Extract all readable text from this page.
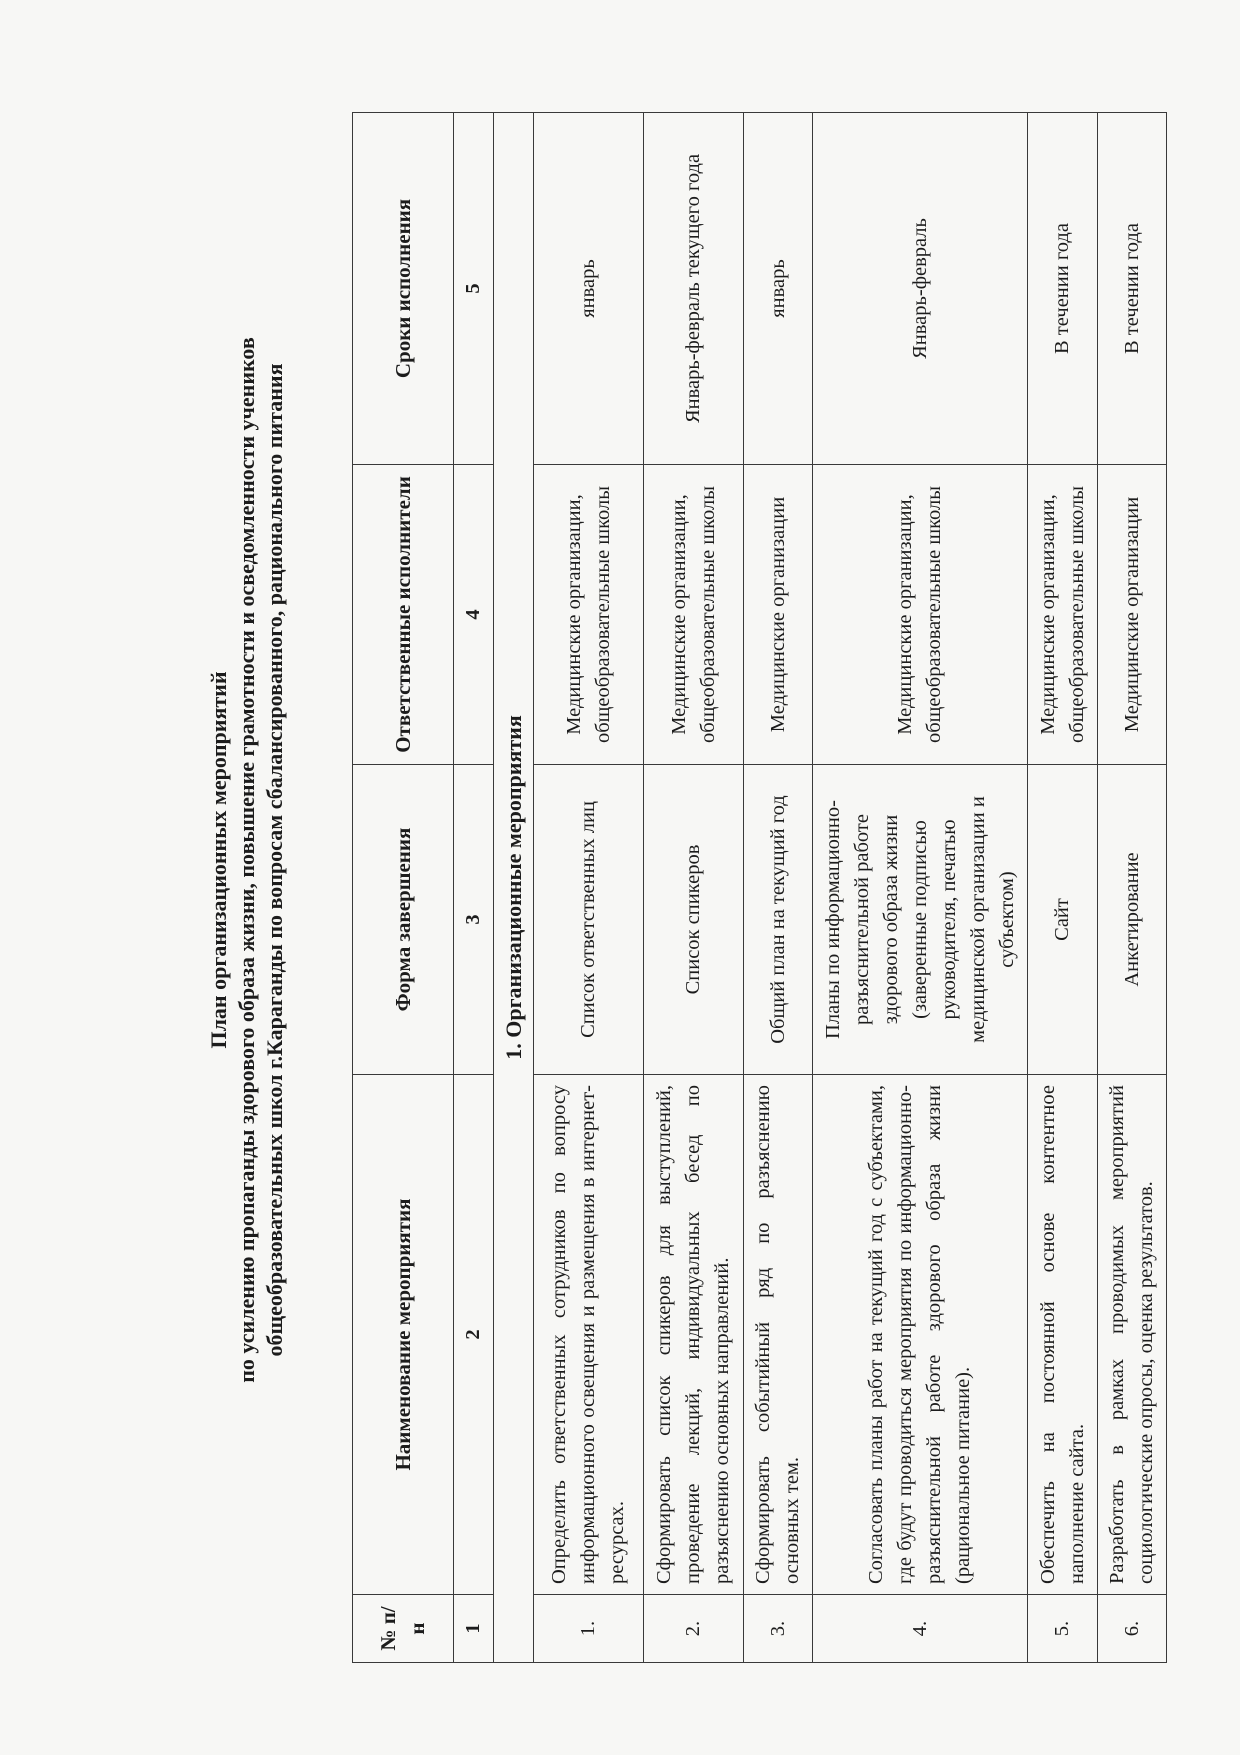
План организационных мероприятий по усилению пропаганды здорового образа жизни, повышение грамотности и осведомленности учеников общеобразовательных школ г.Караганды по вопросам сбалансированного, рационального питания
№ п/н	Наименование мероприятия	Форма завершения	Ответственные исполнители	Сроки исполнения
1	2	3	4	5
1. Организационные мероприятия				
1.	Определить ответственных сотрудников по вопросу информационного освещения и размещения в интернет-ресурсах.	Список ответственных лиц	Медицинские организации, общеобразовательные школы	январь
2.	Сформировать список спикеров для выступлений, проведение лекций, индивидуальных бесед по разъяснению основных направлений.	Список спикеров	Медицинские организации, общеобразовательные школы	Январь-февраль текущего года
3.	Сформировать событийный ряд по разъяснению основных тем.	Общий план на текущий год	Медицинские организации	январь
4.	Согласовать планы работ на текущий год с субъектами, где будут проводиться мероприятия по информационно-разъяснительной работе здорового образа жизни (рациональное питание).	Планы по информационно-разъяснительной работе здорового образа жизни (заверенные подписью руководителя, печатью медицинской организации и субъектом)	Медицинские организации, общеобразовательные школы	Январь-февраль
5.	Обеспечить на постоянной основе контентное наполнение сайта.	Сайт	Медицинские организации, общеобразовательные школы	В течении года
6.	Разработать в рамках проводимых мероприятий социологические опросы, оценка результатов.	Анкетирование	Медицинские организации	В течении года
